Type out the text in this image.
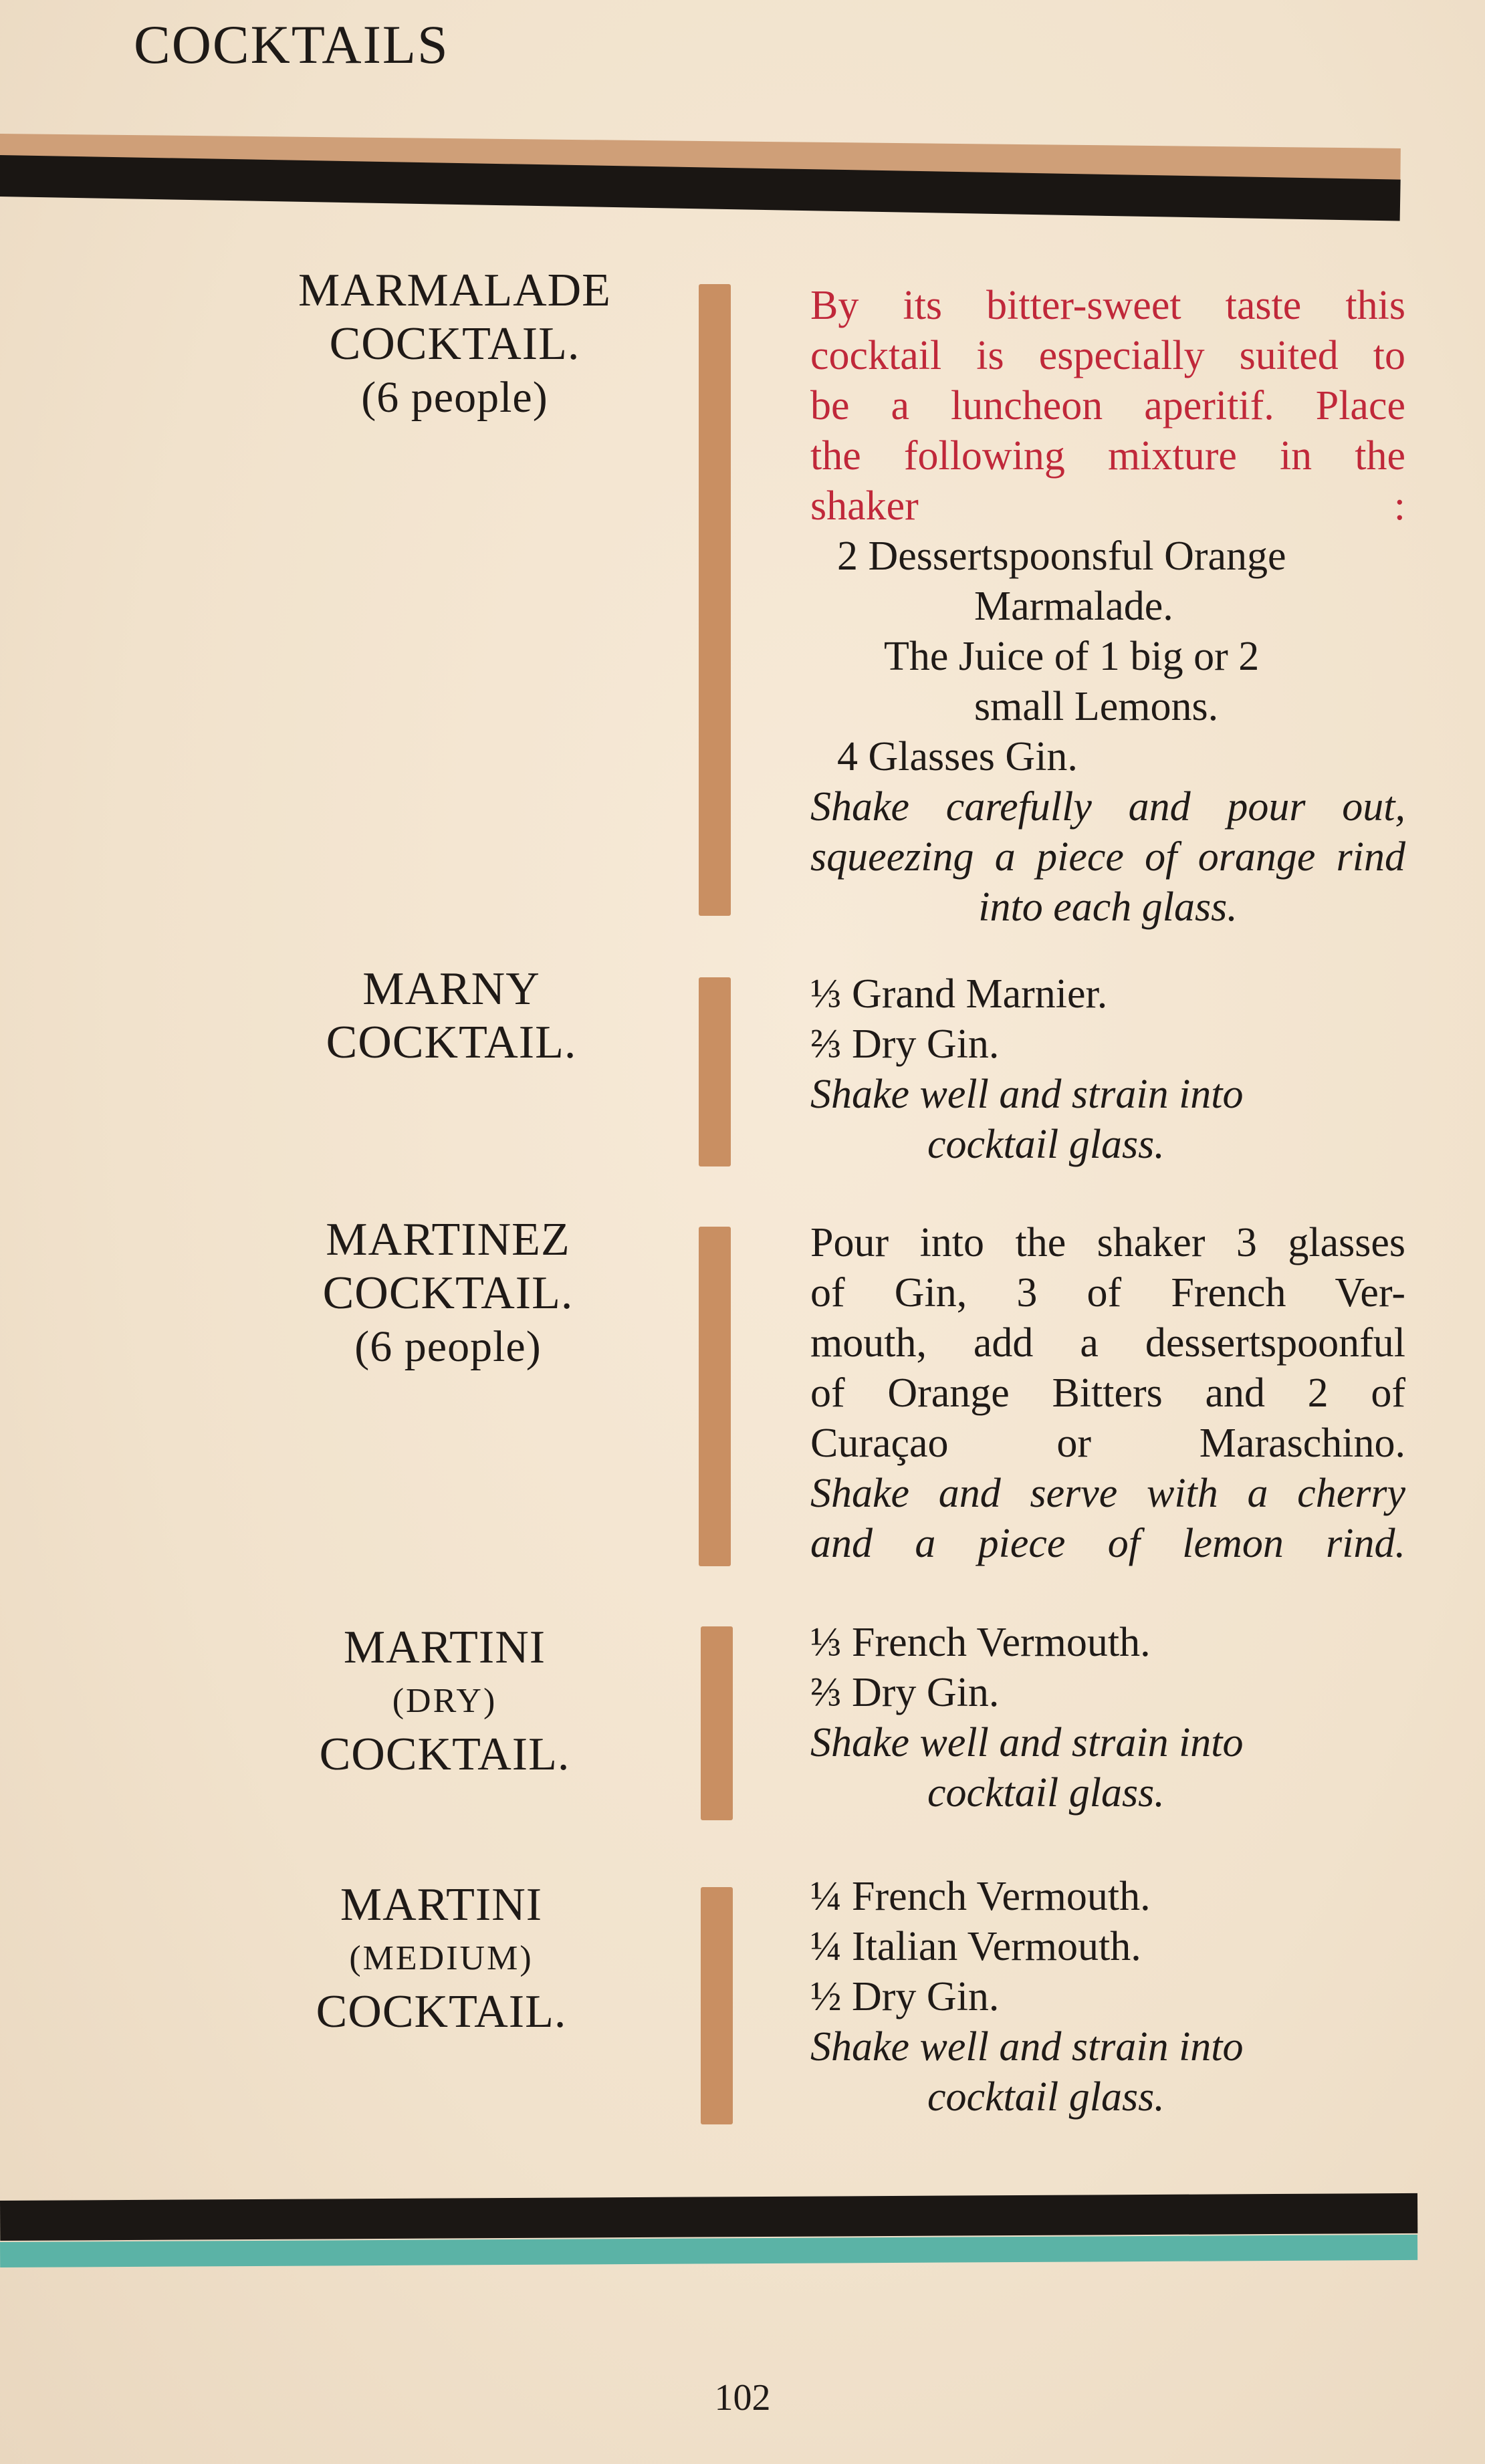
COCKTAILS
MARMALADE
COCKTAIL.
(6 people)
By its bitter-sweet taste this
cocktail is especially suited to
be a luncheon aperitif. Place
the following mixture in the
shaker :
2 Dessertspoonsful Orange
Marmalade.
The Juice of 1 big or 2
small Lemons.
4 Glasses Gin.
Shake carefully and pour out,
squeezing a piece of orange rind
into each glass.
MARNY
COCKTAIL.
⅓ Grand Marnier.
⅔ Dry Gin.
Shake well and strain into
cocktail glass.
MARTINEZ
COCKTAIL.
(6 people)
Pour into the shaker 3 glasses
of Gin, 3 of French Ver-
mouth, add a dessertspoonful
of Orange Bitters and 2 of
Curaçao or Maraschino.
Shake and serve with a cherry
and a piece of lemon rind.
MARTINI
(DRY)
COCKTAIL.
⅓ French Vermouth.
⅔ Dry Gin.
Shake well and strain into
cocktail glass.
MARTINI
(MEDIUM)
COCKTAIL.
¼ French Vermouth.
¼ Italian Vermouth.
½ Dry Gin.
Shake well and strain into
cocktail glass.
102
